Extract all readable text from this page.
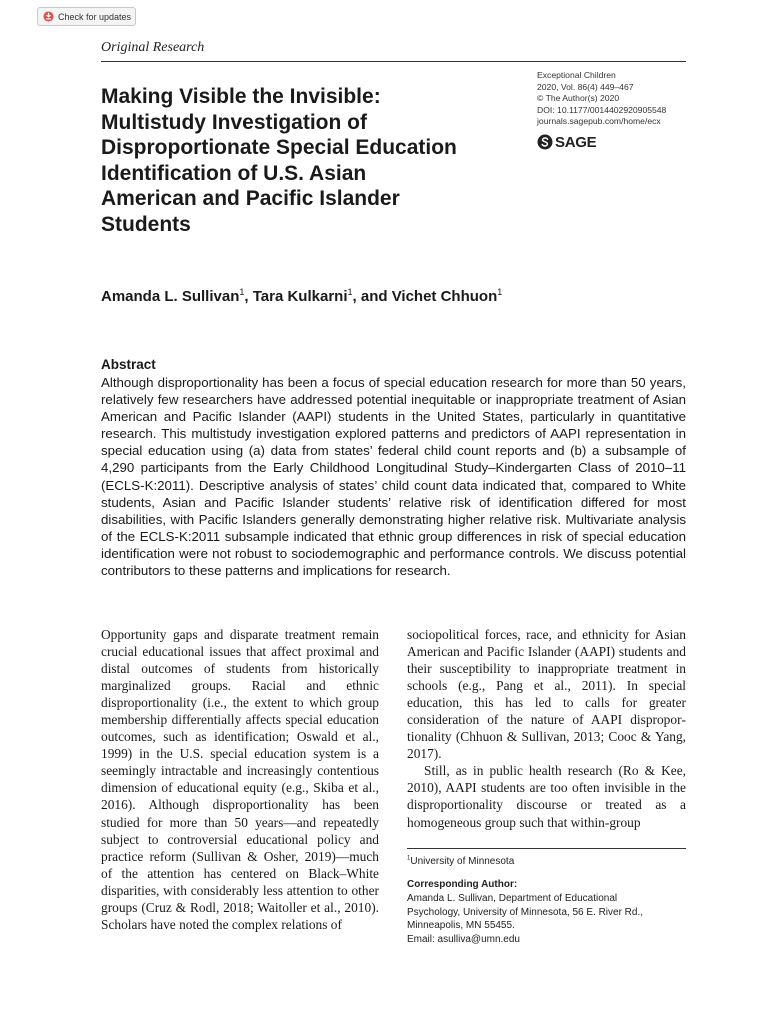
Check for updates
Original Research
Making Visible the Invisible:
Multistudy Investigation of
Disproportionate Special Education
Identification of U.S. Asian
American and Pacific Islander
Students
Exceptional Children
2020, Vol. 86(4) 449–467
© The Author(s) 2020
DOI: 10.1177/0014402920905548
journals.sagepub.com/home/ecx
SAGE
Amanda L. Sullivan$^1$, Tara Kulkarni$^1$, and Vichet Chhuon$^1$
Abstract

Although disproportionality has been a focus of special education research for more than 50 years, relatively few researchers have addressed potential inequitable or inappropriate treatment of Asian American and Pacific Islander (AAPI) students in the United States, particularly in quantitative research. This multistudy investigation explored patterns and predictors of AAPI representation in special education using (a) data from states’ federal child count reports and (b) a subsample of 4,290 participants from the Early Childhood Longitudinal Study–Kindergarten Class of 2010–11 (ECLS-K:2011). Descriptive analysis of states’ child count data indicated that, compared to White students, Asian and Pacific Islander students’ relative risk of identification differed for most disabilities, with Pacific Islanders generally demonstrating higher relative risk. Multivariate analysis of the ECLS-K:2011 subsample indicated that ethnic group differences in risk of special education identification were not robust to sociodemographic and performance controls. We discuss potential contributors to these patterns and implications for research.

Opportunity gaps and disparate treatment remain crucial educational issues that affect proximal and distal outcomes of students from historically marginalized groups. Racial and ethnic disproportionality (i.e., the extent to which group membership differentially affects special education outcomes, such as identification; Oswald et al., 1999) in the U.S. special education system is a seemingly intractable and increasingly contentious dimension of educational equity (e.g., Skiba et al., 2016). Although disproportionality has been studied for more than 50 years—and repeatedly subject to controversial educational policy and practice reform (Sullivan & Osher, 2019)—much of the attention has centered on Black–White disparities, with considerably less attention to other groups (Cruz & Rodl, 2018; Waitoller et al., 2010). Scholars have noted the complex relations of

sociopolitical forces, race, and ethnicity for Asian American and Pacific Islander (AAPI) students and their susceptibility to inappropriate treatment in schools (e.g., Pang et al., 2011). In special education, this has led to calls for greater consideration of the nature of AAPI disproportionality (Chhuon & Sullivan, 2013; Cooc & Yang, 2017).

Still, as in public health research (Ro & Kee, 2010), AAPI students are too often invisible in the disproportionality discourse or treated as a homogeneous group such that within-group

$^1$University of Minnesota
Corresponding Author:
Amanda L. Sullivan, Department of Educational
Psychology, University of Minnesota, 56 E. River Rd.,
Minneapolis, MN 55455.
Email: asulliva@umn.edu
